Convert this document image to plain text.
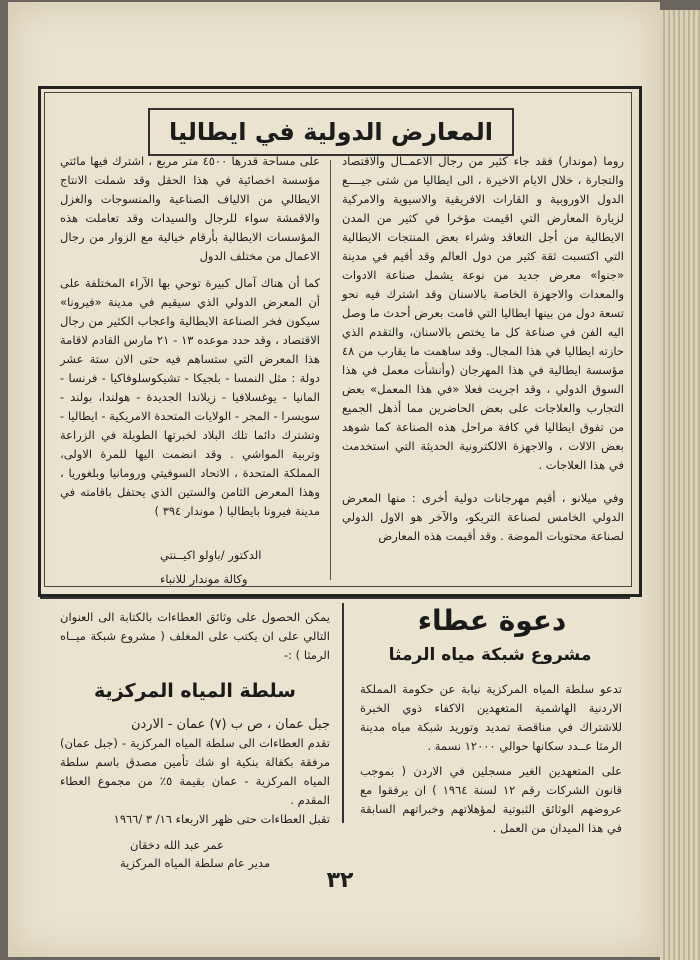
المعارض الدولية في ايطاليا

روما (موندار) فقد جاء كثير من رجال الاعمــال والاقتصاد والتجارة ، خلال الايام الاخيرة ، الى ايطاليا من شتى جيــــع الدول الاوروبية و القارات الافريقية والاسيوية والامركية لزيارة المعارض التي اقيمت مؤخرا في كثير من المدن الايطالية من أجل التعاقد وشراء بعض المنتجات الايطالية التي اكتسبت ثقة كثير من دول العالم وقد أقيم في مدينة «جنوا» معرض جديد من نوعة يشمل صناعة الادوات والمعدات والاجهزة الخاصة بالاسنان وقد اشترك فيه نحو تسعة دول من بينها ايطاليا التي قامت بعرض أحدث ما وصل اليه الفن في صناعة كل ما يختص بالاسنان، والتقدم الذي حازته ايطاليا في هذا المجال. وقد ساهمت ما يقارب من ٤٨ مؤسسة ايطالية في هذا المهرجان (وأنشأت معمل في هذا السوق الدولي ، وقد اجريت فعلا «في هذا المعمل» بعض التجارب والعلاجات على بعض الحاضرين مما أذهل الجميع من تفوق ايطاليا في كافة مراحل هذه الصناعة كما شوهد بعض الالات ، والاجهزة الالكترونية الحديثة التي استخدمت في هذا العلاجات .

وفي ميلانو ، أقيم مهرجانات دولية أخرى : منها المعرض الدولي الخامس لصناعة التريكو، والآخر هو الاول الدولي لصناعة محتويات الموضة . وقد أقيمت هذه المعارض

على مساحة قدرها ٤٥٠٠ متر مربع ، اشترك فيها مائتي مؤسسة اخصائية في هذا الحقل وقد شملت الانتاج الايطالي من الالياف الصناعية والمنسوجات والغزل والاقمشة سواء للرجال والسيدات وقد تعاملت هذه المؤسسات الايطالية بأرقام خيالية مع الزوار من رجال الاعمال من مختلف الدول

كما أن هناك آمال كبيرة توحي بها الآراء المختلفة على أن المعرض الدولي الذي سيقيم في مدينة «فيرونا» سيكون فخر الصناعة الايطالية واعجاب الكثير من رجال الاقتصاد ، وقد حدد موعده ١٣ - ٢١ مارس القادم لاقامة هذا المعرض التي ستساهم فيه حتى الان ستة عشر دولة : مثل النمسا - بلجيكا - تشيكوسلوفاكيا - فرنسا - المانيا - يوغسلافيا - زيلاندا الجديدة - هولندا، بولند - سويسرا - المجر - الولايات المتحدة الامريكية - ايطاليا - وتشترك دائما تلك البلاد لخبرتها الطويلة في الزراعة وتربية المواشي . وقد انضمت اليها للمرة الاولى، المملكة المتحدة ، الاتحاد السوفيتي ورومانيا وبلغوريا ، وهذا المعرض الثامن والستين الذي يحتفل باقامته في مدينة فيرونا بايطاليا ( موندار ٣٩٤ )

الدكتور /باولو اكيــنتي
وكالة موندار للانباء
دعوة عطاء
مشروع شبكة مياه الرمثا

تدعو سلطة المياه المركزية نيابة عن حكومة المملكة الاردنية الهاشمية المتعهدين الاكفاء ذوي الخبرة للاشتراك في مناقصة تمديد وتوريد شبكة مياه مدينة الرمثا عــدد سكانها حوالي ١٢٠٠٠ نسمة .

على المتعهدين الغير مسجلين في الاردن ( بموجب قانون الشركات رقم ١٢ لسنة ١٩٦٤ ) ان يرفقوا مع عروضهم الوثائق الثبوتية لمؤهلاتهم وخبراتهم السابقة في هذا الميدان من العمل .

يمكن الحصول على وثائق العطاءات بالكتابة الى العنوان التالي على ان يكتب على المغلف ( مشروع شبكة ميــاه الرمثا ) :-

سلطة المياه المركزية

جبل عمان ، ص ب (٧) عمان - الاردن

تقدم العطاءات الى سلطة المياه المركزية - (جبل عمان) مرفقة بكفالة بنكية او شك تأمين مصدق باسم سلطة المياه المركزية - عمان بقيمة ٥٪ من مجموع العطاء المقدم .

تقبل العطاءات حتى ظهر الاربعاء ١٦/ ٣ /١٩٦٦

عمر عبد الله دخقان
مدير عام سلطة المياه المركزية
٣٢
